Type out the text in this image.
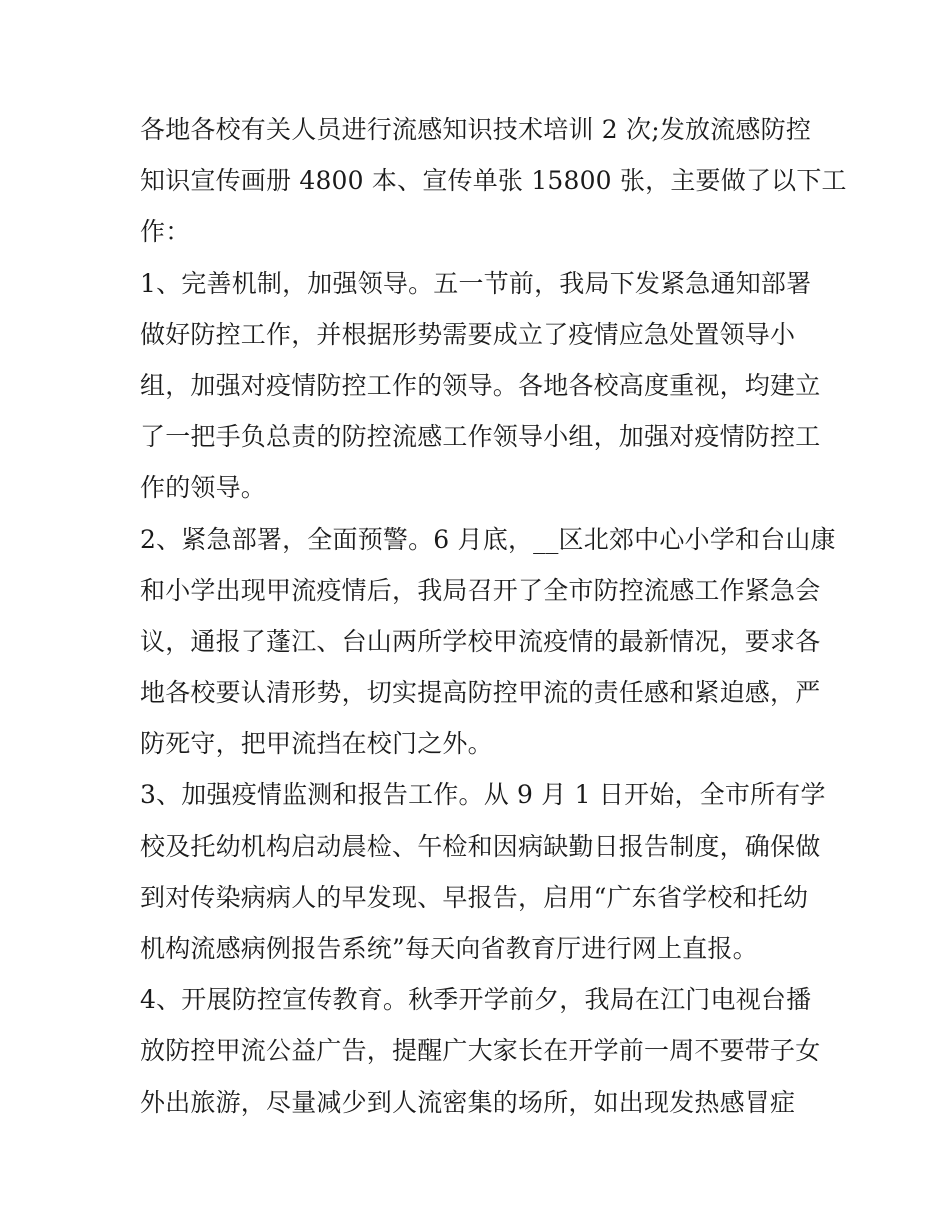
各地各校有关人员进行流感知识技术培训 2 次;发放流感防控
知识宣传画册 4800 本、宣传单张 15800 张，主要做了以下工
作：
1、完善机制，加强领导。五一节前，我局下发紧急通知部署
做好防控工作，并根据形势需要成立了疫情应急处置领导小
组，加强对疫情防控工作的领导。各地各校高度重视，均建立
了一把手负总责的防控流感工作领导小组，加强对疫情防控工
作的领导。
2、紧急部署，全面预警。6 月底，__区北郊中心小学和台山康
和小学出现甲流疫情后，我局召开了全市防控流感工作紧急会
议，通报了蓬江、台山两所学校甲流疫情的最新情况，要求各
地各校要认清形势，切实提高防控甲流的责任感和紧迫感，严
防死守，把甲流挡在校门之外。
3、加强疫情监测和报告工作。从 9 月 1 日开始，全市所有学
校及托幼机构启动晨检、午检和因病缺勤日报告制度，确保做
到对传染病病人的早发现、早报告，启用“广东省学校和托幼
机构流感病例报告系统”每天向省教育厅进行网上直报。
4、开展防控宣传教育。秋季开学前夕，我局在江门电视台播
放防控甲流公益广告，提醒广大家长在开学前一周不要带子女
外出旅游，尽量减少到人流密集的场所，如出现发热感冒症
